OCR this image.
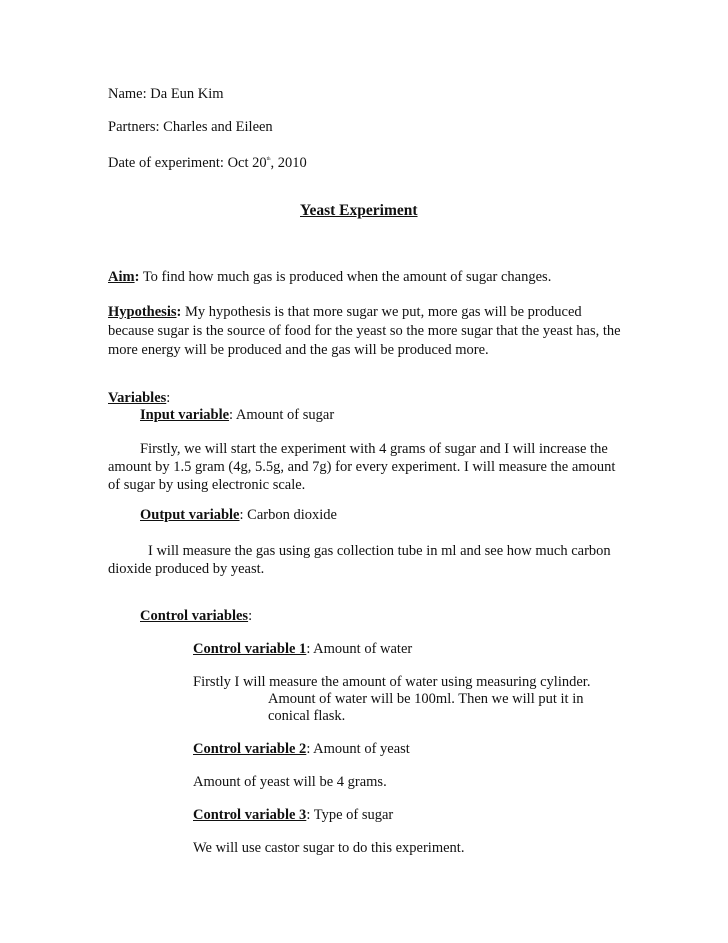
Name: Da Eun Kim
Partners: Charles and Eileen
Date of experiment: Oct 20th, 2010
Yeast Experiment
Aim: To find how much gas is produced when the amount of sugar changes.
Hypothesis: My hypothesis is that more sugar we put, more gas will be produced
because sugar is the source of food for the yeast so the more sugar that the yeast has, the
more energy will be produced and the gas will be produced more.
Variables:
Input variable: Amount of sugar
Firstly, we will start the experiment with 4 grams of sugar and I will increase the
amount by 1.5 gram (4g, 5.5g, and 7g) for every experiment. I will measure the amount
of sugar by using electronic scale.
Output variable: Carbon dioxide
I will measure the gas using gas collection tube in ml and see how much carbon
dioxide produced by yeast.
Control variables:
Control variable 1: Amount of water
Firstly I will measure the amount of water using measuring cylinder.
Amount of water will be 100ml. Then we will put it in
conical flask.
Control variable 2: Amount of yeast
Amount of yeast will be 4 grams.
Control variable 3: Type of sugar
We will use castor sugar to do this experiment.
